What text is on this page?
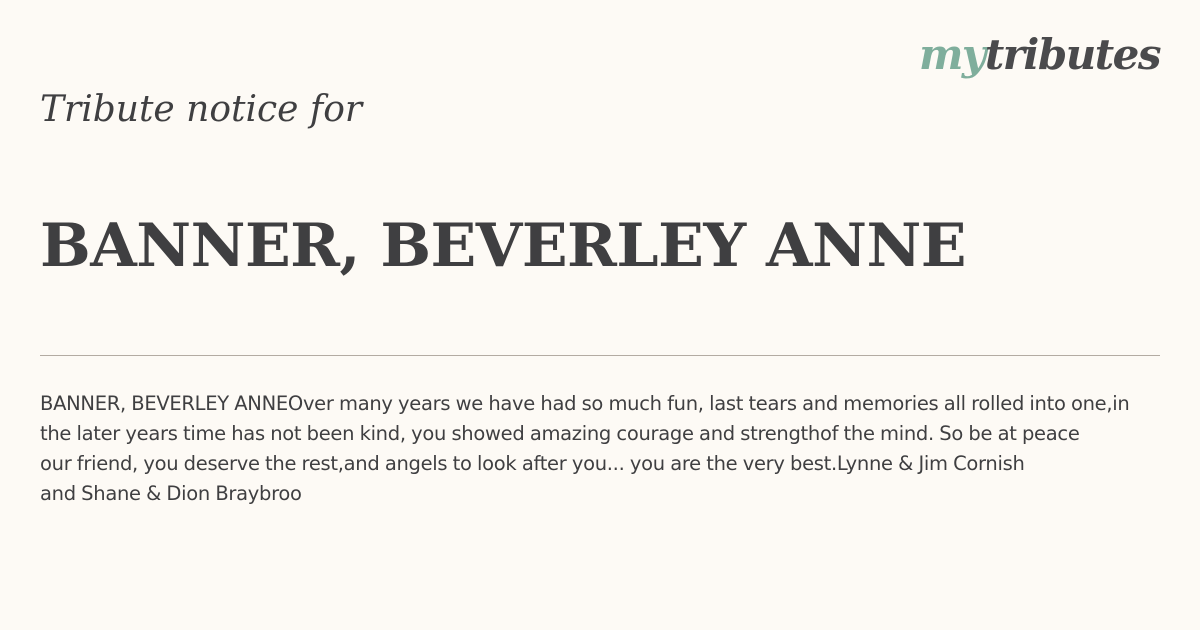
mytributes
Tribute notice for
BANNER, BEVERLEY ANNE
BANNER, BEVERLEY ANNEOver many years we have had so much fun, last tears and memories all rolled into one,in
the later years time has not been kind, you showed amazing courage and strengthof the mind. So be at peace
our friend, you deserve the rest,and angels to look after you... you are the very best.Lynne & Jim Cornish
and Shane & Dion Braybroo
